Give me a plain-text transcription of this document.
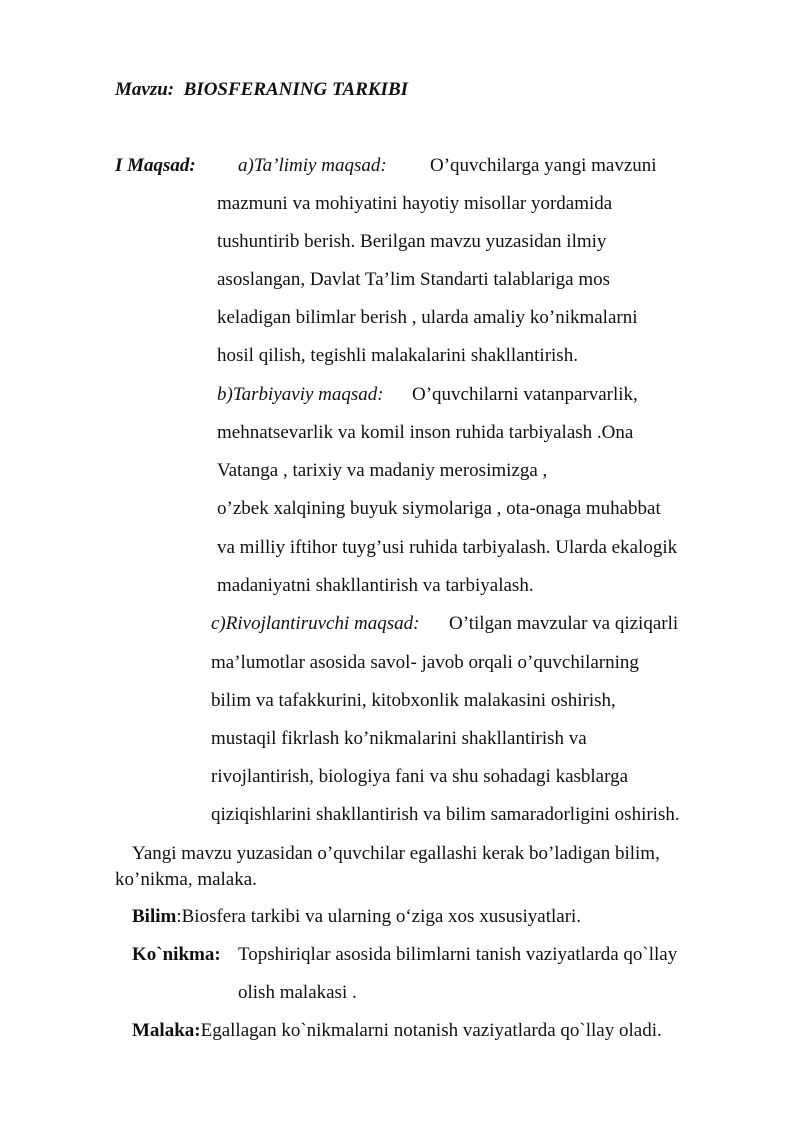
Mavzu: BIOSFERANING TARKIBI
I Maqsad: a)Ta’limiy maqsad: O’quvchilarga yangi mavzuni
mazmuni va mohiyatini hayotiy misollar yordamida
tushuntirib berish. Berilgan mavzu yuzasidan ilmiy
asoslangan, Davlat Ta’lim Standarti talablariga mos
keladigan bilimlar berish , ularda amaliy ko’nikmalarni
hosil qilish, tegishli malakalarini shakllantirish.
b)Tarbiyaviy maqsad: O’quvchilarni vatanparvarlik,
mehnatsevarlik va komil inson ruhida tarbiyalash .Ona
Vatanga , tarixiy va madaniy merosimizga ,
o’zbek xalqining buyuk siymolariga , ota-onaga muhabbat
va milliy iftihor tuyg’usi ruhida tarbiyalash. Ularda ekalogik
madaniyatni shakllantirish va tarbiyalash.
c)Rivojlantiruvchi maqsad: O’tilgan mavzular va qiziqarli
ma’lumotlar asosida savol- javob orqali o’quvchilarning
bilim va tafakkurini, kitobxonlik malakasini oshirish,
mustaqil fikrlash ko’nikmalarini shakllantirish va
rivojlantirish, biologiya fani va shu sohadagi kasblarga
qiziqishlarini shakllantirish va bilim samaradorligini oshirish.
Yangi mavzu yuzasidan o’quvchilar egallashi kerak bo’ladigan bilim,
ko’nikma, malaka.
Bilim:Biosfera tarkibi va ularning o‘ziga xos xususiyatlari.
Ko`nikma: Topshiriqlar asosida bilimlarni tanish vaziyatlarda qo`llay
olish malakasi .
Malaka:Egallagan ko`nikmalarni notanish vaziyatlarda qo`llay oladi.
